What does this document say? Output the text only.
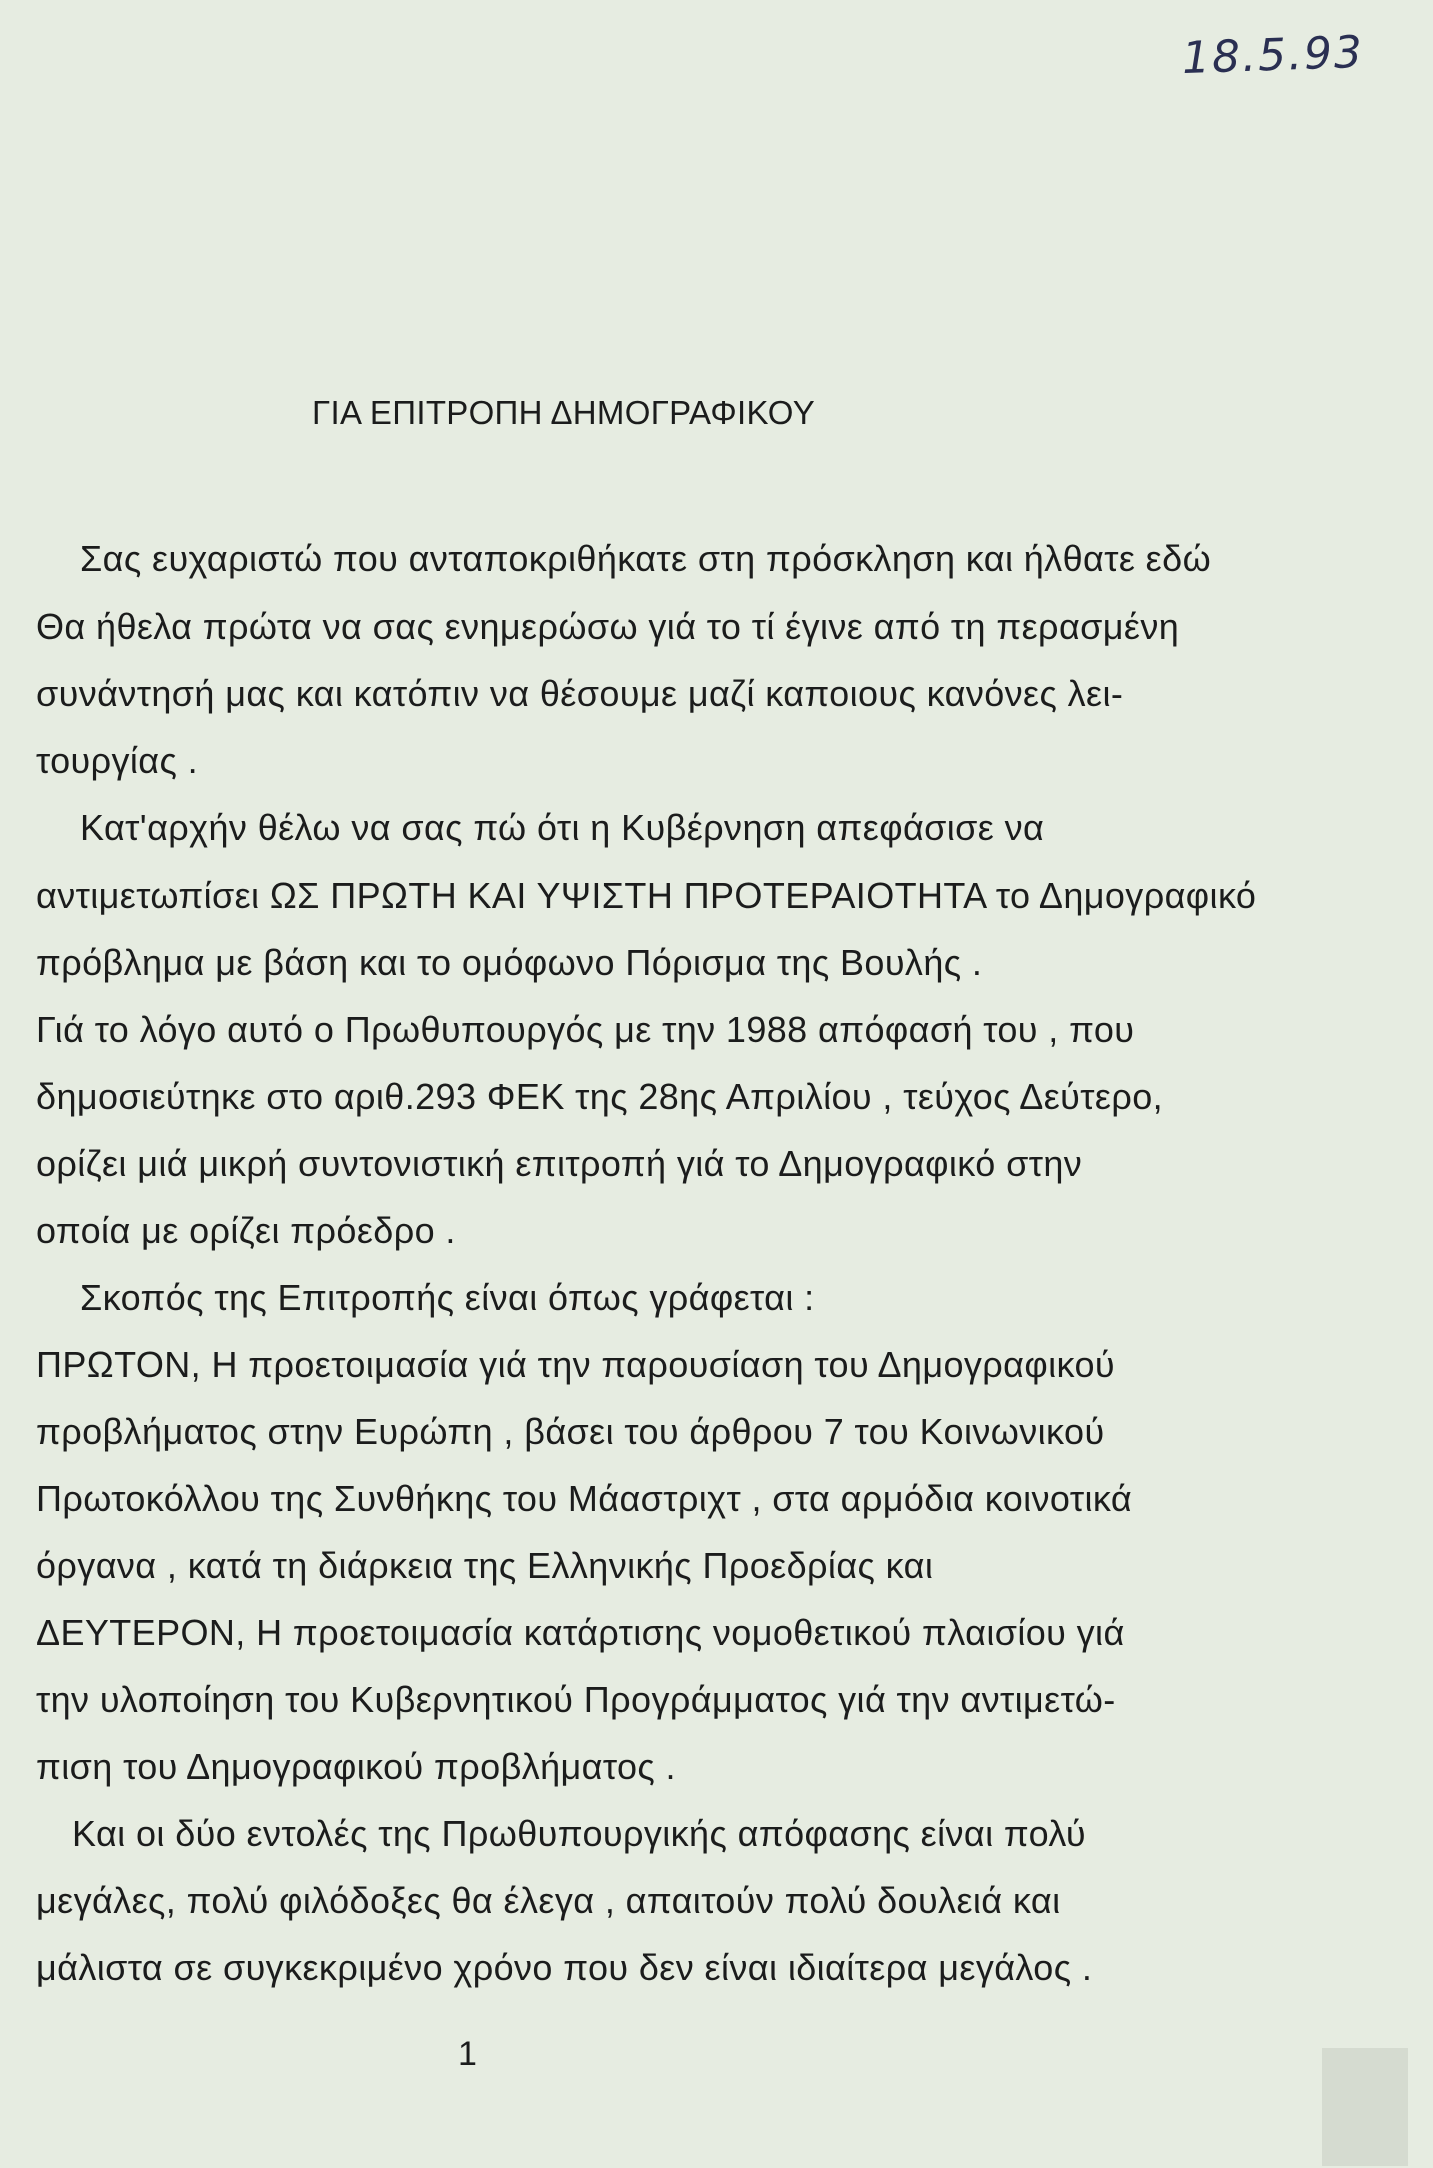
18.5.93
ΓΙΑ ΕΠΙΤΡΟΠΗ ΔΗΜΟΓΡΑΦΙΚΟΥ
Σας ευχαριστώ που ανταποκριθήκατε στη πρόσκληση και ήλθατε εδώ
Θα ήθελα πρώτα να σας ενημερώσω γιά το τί έγινε από τη περασμένη
συνάντησή μας και κατόπιν να θέσουμε μαζί καποιους κανόνες λει-
τουργίας .
Κατ'αρχήν θέλω να σας πώ ότι η Κυβέρνηση απεφάσισε να
αντιμετωπίσει ΩΣ ΠΡΩΤΗ ΚΑΙ ΥΨΙΣΤΗ ΠΡΟΤΕΡΑΙΟΤΗΤΑ το Δημογραφικό
πρόβλημα με βάση και το ομόφωνο Πόρισμα της Βουλής .
Γιά το λόγο αυτό ο Πρωθυπουργός με την 1988 απόφασή του , που
δημοσιεύτηκε στο αριθ.293 ΦΕΚ της 28ης Απριλίου , τεύχος Δεύτερο,
ορίζει μιά μικρή συντονιστική επιτροπή γιά το Δημογραφικό στην
οποία με ορίζει πρόεδρο .
Σκοπός της Επιτροπής είναι όπως γράφεται :
ΠΡΩΤΟΝ, Η προετοιμασία γιά την παρουσίαση του Δημογραφικού
προβλήματος στην Ευρώπη , βάσει του άρθρου 7 του Κοινωνικού
Πρωτοκόλλου της Συνθήκης του Μάαστριχτ , στα αρμόδια κοινοτικά
όργανα , κατά τη διάρκεια της Ελληνικής Προεδρίας και
ΔΕΥΤΕΡΟΝ, Η προετοιμασία κατάρτισης νομοθετικού πλαισίου γιά
την υλοποίηση του Κυβερνητικού Προγράμματος γιά την αντιμετώ-
πιση του Δημογραφικού προβλήματος .
Και οι δύο εντολές της Πρωθυπουργικής απόφασης είναι πολύ
μεγάλες, πολύ φιλόδοξες θα έλεγα , απαιτούν πολύ δουλειά και
μάλιστα σε συγκεκριμένο χρόνο που δεν είναι ιδιαίτερα μεγάλος .
1
